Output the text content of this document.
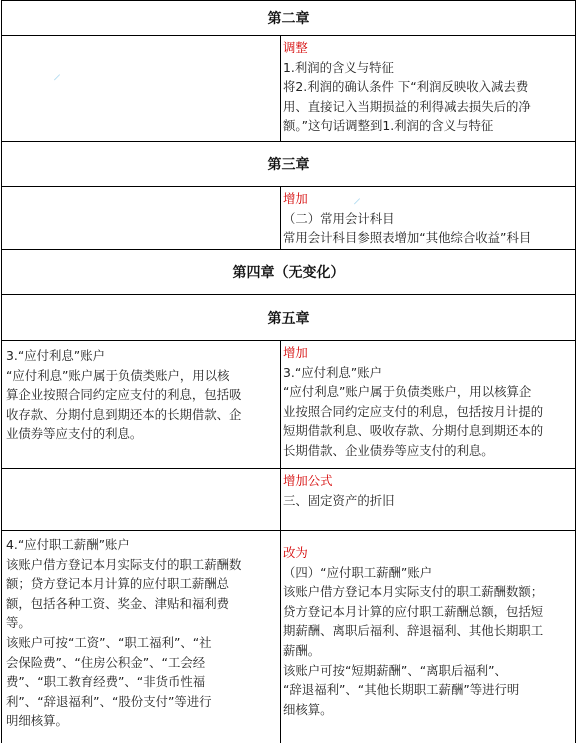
第二章

调整

1.利润的含义与特征

将2.利润的确认条件 下“利润反映收入减去费

用、直接记入当期损益的利得减去损失后的净

额。”这句话调整到1.利润的含义与特征

第三章

增加

（二）常用会计科目

常用会计科目参照表增加“其他综合收益”科目

第四章（无变化）
第五章

3.“应付利息”账户

“应付利息”账户属于负债类账户，用以核

算企业按照合同约定应支付的利息，包括吸

收存款、分期付息到期还本的长期借款、企

业债券等应支付的利息。

增加

3.“应付利息”账户

“应付利息”账户属于负债类账户，用以核算企

业按照合同约定应支付的利息，包括按月计提的

短期借款利息、吸收存款、分期付息到期还本的

长期借款、企业债券等应支付的利息。

增加公式

三、固定资产的折旧

4.“应付职工薪酬”账户

该账户借方登记本月实际支付的职工薪酬数

额；贷方登记本月计算的应付职工薪酬总

额，包括各种工资、奖金、津贴和福利费

等。

该账户可按“工资”、“职工福利”、“社

会保险费”、“住房公积金”、“工会经

费”、“职工教育经费”、“非货币性福

利”、“辞退福利”、“股份支付”等进行

明细核算。

改为

（四）“应付职工薪酬”账户

该账户借方登记本月实际支付的职工薪酬数额；

贷方登记本月计算的应付职工薪酬总额，包括短

期薪酬、离职后福利、辞退福利、其他长期职工

薪酬。

该账户可按“短期薪酬”、“离职后福利”、

“辞退福利”、“其他长期职工薪酬”等进行明

细核算。

⸝
⸝
